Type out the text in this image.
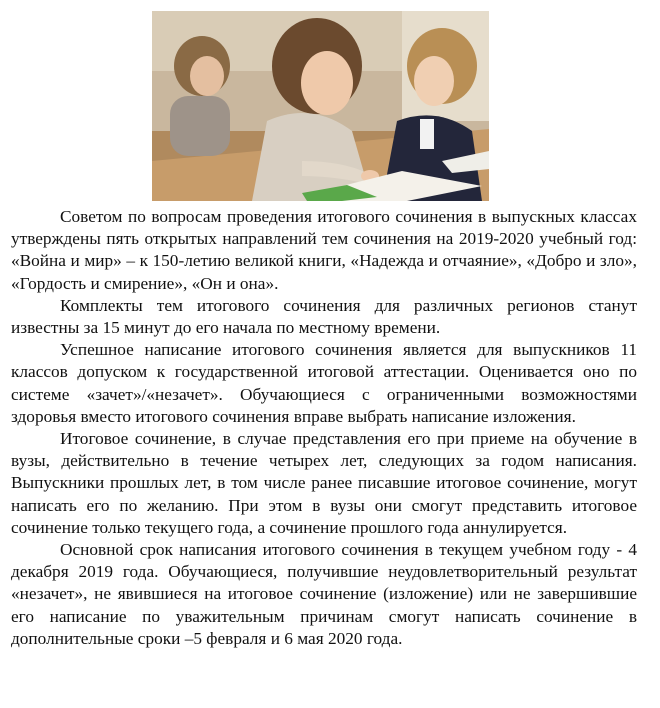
Советом по вопросам проведения итогового сочинения в выпускных классах утверждены пять открытых направлений тем сочинения на 2019-2020 учебный год: «Война и мир» – к 150-летию великой книги, «Надежда и отчаяние», «Добро и зло», «Гордость и смирение», «Он и она».

Комплекты тем итогового сочинения для различных регионов станут известны за 15 минут до его начала по местному времени.

Успешное написание итогового сочинения является для выпускников 11 классов допуском к государственной итоговой аттестации. Оценивается оно по системе «зачет»/«незачет». Обучающиеся с ограниченными возможностями здоровья вместо итогового сочинения вправе выбрать написание изложения.

Итоговое сочинение, в случае представления его при приеме на обучение в вузы, действительно в течение четырех лет, следующих за годом написания. Выпускники прошлых лет, в том числе ранее писавшие итоговое сочинение, могут написать его по желанию. При этом в вузы они смогут представить итоговое сочинение только текущего года, а сочинение прошлого года аннулируется.

Основной срок написания итогового сочинения в текущем учебном году - 4 декабря 2019 года. Обучающиеся, получившие неудовлетворительный результат «незачет», не явившиеся на итоговое сочинение (изложение) или не завершившие его написание по уважительным причинам смогут написать сочинение в дополнительные сроки –5 февраля и 6 мая 2020 года.
